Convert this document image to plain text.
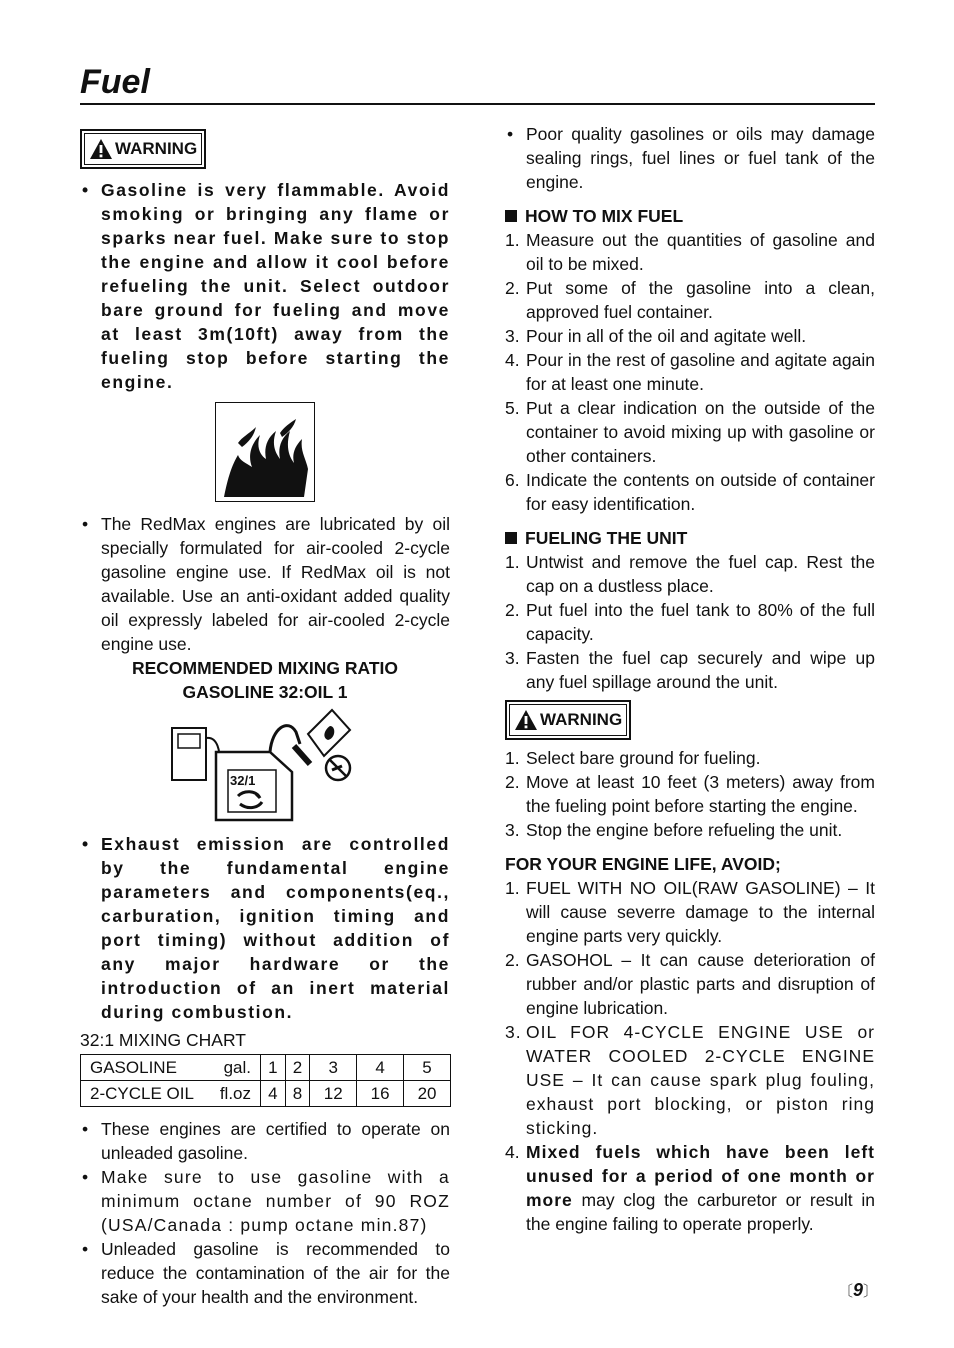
Fuel
WARNING
• Gasoline is very flammable. Avoid smoking or bringing any flame or sparks near fuel. Make sure to stop the engine and allow it cool before refueling the unit. Select outdoor bare ground for fueling and move at least 3m(10ft) away from the fueling stop before starting the engine.
• The RedMax engines are lubricated by oil specially formulated for air-cooled 2-cycle gasoline engine use. If RedMax oil is not available. Use an anti-oxidant added quality oil expressly labeled for air-cooled 2-cycle engine use.
RECOMMENDED MIXING RATIO
GASOLINE 32:OIL 1
32/1
• Exhaust emission are controlled by the fundamental engine parameters and components(eq., carburation, ignition timing and port timing) without addition of any major hardware or the introduction of an inert material during combustion.
32:1 MIXING CHART
GASOLINE gal.	1	2	3	4	5
2-CYCLE OIL fl.oz	4	8	12	16	20
• These engines are certified to operate on unleaded gasoline.
• Make sure to use gasoline with a minimum octane number of 90 ROZ (USA/Canada : pump octane min.87)
• Unleaded gasoline is recommended to reduce the contamination of the air for the sake of your health and the environment.
• Poor quality gasolines or oils may damage sealing rings, fuel lines or fuel tank of the engine.
HOW TO MIX FUEL
1. Measure out the quantities of gasoline and oil to be mixed.
2. Put some of the gasoline into a clean, approved fuel container.
3. Pour in all of the oil and agitate well.
4. Pour in the rest of gasoline and agitate again for at least one minute.
5. Put a clear indication on the outside of the container to avoid mixing up with gasoline or other containers.
6. Indicate the contents on outside of container for easy identification.
FUELING THE UNIT
1. Untwist and remove the fuel cap. Rest the cap on a dustless place.
2. Put fuel into the fuel tank to 80% of the full capacity.
3. Fasten the fuel cap securely and wipe up any fuel spillage around the unit.
WARNING
1. Select bare ground for fueling.
2. Move at least 10 feet (3 meters) away from the fueling point before starting the engine.
3. Stop the engine before refueling the unit.
FOR YOUR ENGINE LIFE, AVOID;
1. FUEL WITH NO OIL(RAW GASOLINE) – It will cause severre damage to the internal engine parts very quickly.
2. GASOHOL – It can cause deterioration of rubber and/or plastic parts and disruption of engine lubrication.
3. OIL FOR 4-CYCLE ENGINE USE or WATER COOLED 2-CYCLE ENGINE USE – It can cause spark plug fouling, exhaust port blocking, or piston ring sticking.
4. Mixed fuels which have been left unused for a period of one month or more may clog the carburetor or result in the engine failing to operate properly.
〔9〕
